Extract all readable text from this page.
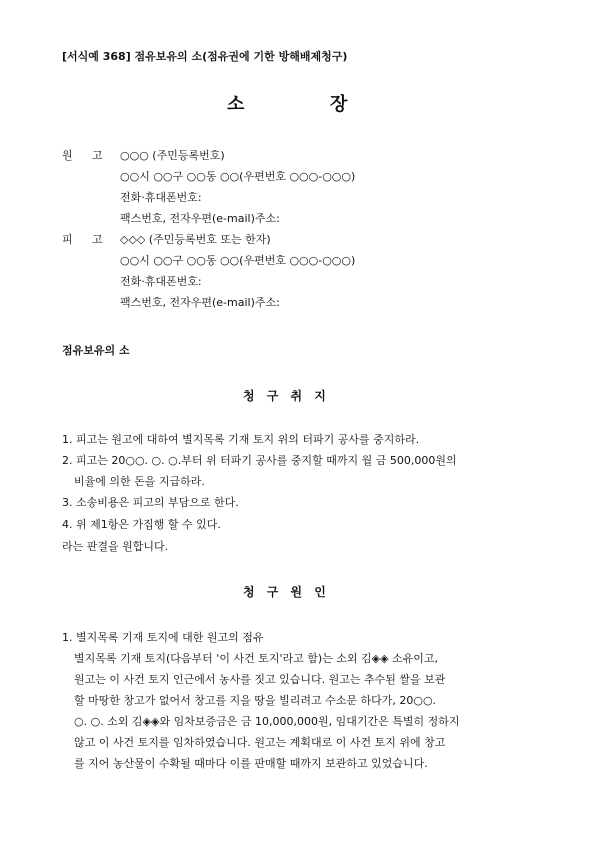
[서식예 368] 점유보유의 소(점유권에 기한 방해배제청구)
소	장
원 고 ○○○ (주민등록번호)
○○시 ○○구 ○○동 ○○(우편번호 ○○○-○○○)
전화·휴대폰번호:
팩스번호, 전자우편(e-mail)주소:
피 고 ◇◇◇ (주민등록번호 또는 한자)
○○시 ○○구 ○○동 ○○(우편번호 ○○○-○○○)
전화·휴대폰번호:
팩스번호, 전자우편(e-mail)주소:
점유보유의 소
청 구 취 지
1. 피고는 원고에 대하여 별지목록 기재 토지 위의 터파기 공사를 중지하라.
2. 피고는 20○○. ○. ○.부터 위 터파기 공사를 중지할 때까지 월 금 500,000원의
비율에 의한 돈을 지급하라.
3. 소송비용은 피고의 부담으로 한다.
4. 위 제1항은 가집행 할 수 있다.
라는 판결을 원합니다.
청 구 원 인
1. 별지목록 기재 토지에 대한 원고의 점유
별지목록 기재 토지(다음부터 '이 사건 토지'라고 함)는 소외 김◈◈ 소유이고,
원고는 이 사건 토지 인근에서 농사를 짓고 있습니다. 원고는 추수된 쌀을 보관
할 마땅한 창고가 없어서 창고를 지을 땅을 빌리려고 수소문 하다가, 20○○.
○. ○. 소외 김◈◈와 임차보증금은 금 10,000,000원, 임대기간은 특별히 정하지
않고 이 사건 토지를 임차하였습니다. 원고는 계획대로 이 사건 토지 위에 창고
를 지어 농산물이 수확될 때마다 이를 판매할 때까지 보관하고 있었습니다.
